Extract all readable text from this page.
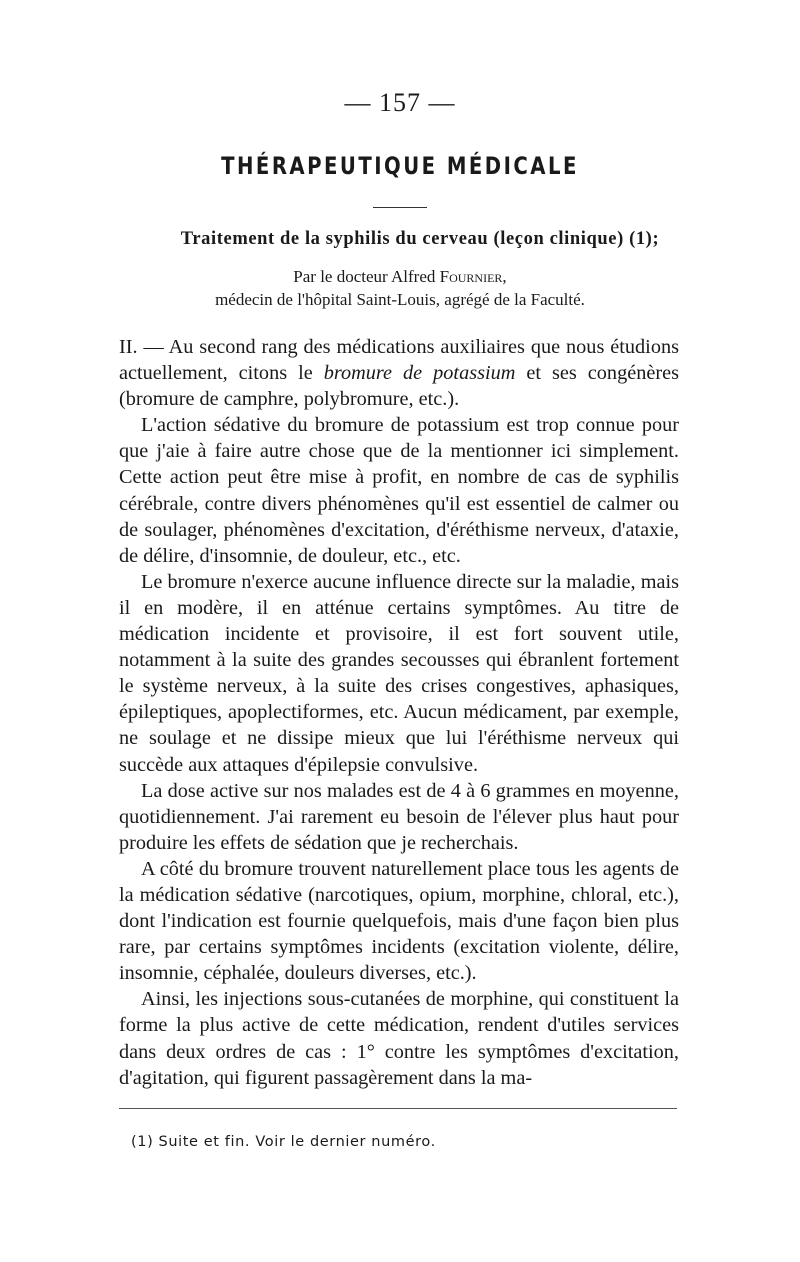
— 157 —
THÉRAPEUTIQUE MÉDICALE
Traitement de la syphilis du cerveau (leçon clinique) (1);
Par le docteur Alfred Fournier,
médecin de l'hôpital Saint-Louis, agrégé de la Faculté.

II. — Au second rang des médications auxiliaires que nous étudions actuellement, citons le bromure de potassium et ses congénères (bromure de camphre, polybromure, etc.).

L'action sédative du bromure de potassium est trop connue pour que j'aie à faire autre chose que de la mentionner ici simplement. Cette action peut être mise à profit, en nombre de cas de syphilis cérébrale, contre divers phénomènes qu'il est essentiel de calmer ou de soulager, phénomènes d'excitation, d'éréthisme nerveux, d'ataxie, de délire, d'insomnie, de douleur, etc., etc.

Le bromure n'exerce aucune influence directe sur la maladie, mais il en modère, il en atténue certains symptômes. Au titre de médication incidente et provisoire, il est fort souvent utile, notamment à la suite des grandes secousses qui ébranlent fortement le système nerveux, à la suite des crises congestives, aphasiques, épileptiques, apoplectiformes, etc. Aucun médicament, par exemple, ne soulage et ne dissipe mieux que lui l'éréthisme nerveux qui succède aux attaques d'épilepsie convulsive.

La dose active sur nos malades est de 4 à 6 grammes en moyenne, quotidiennement. J'ai rarement eu besoin de l'élever plus haut pour produire les effets de sédation que je recherchais.

A côté du bromure trouvent naturellement place tous les agents de la médication sédative (narcotiques, opium, morphine, chloral, etc.), dont l'indication est fournie quelquefois, mais d'une façon bien plus rare, par certains symptômes incidents (excitation violente, délire, insomnie, céphalée, douleurs diverses, etc.).

Ainsi, les injections sous-cutanées de morphine, qui constituent la forme la plus active de cette médication, rendent d'utiles services dans deux ordres de cas : 1° contre les symptômes d'excitation, d'agitation, qui figurent passagèrement dans la ma-

(1) Suite et fin. Voir le dernier numéro.
